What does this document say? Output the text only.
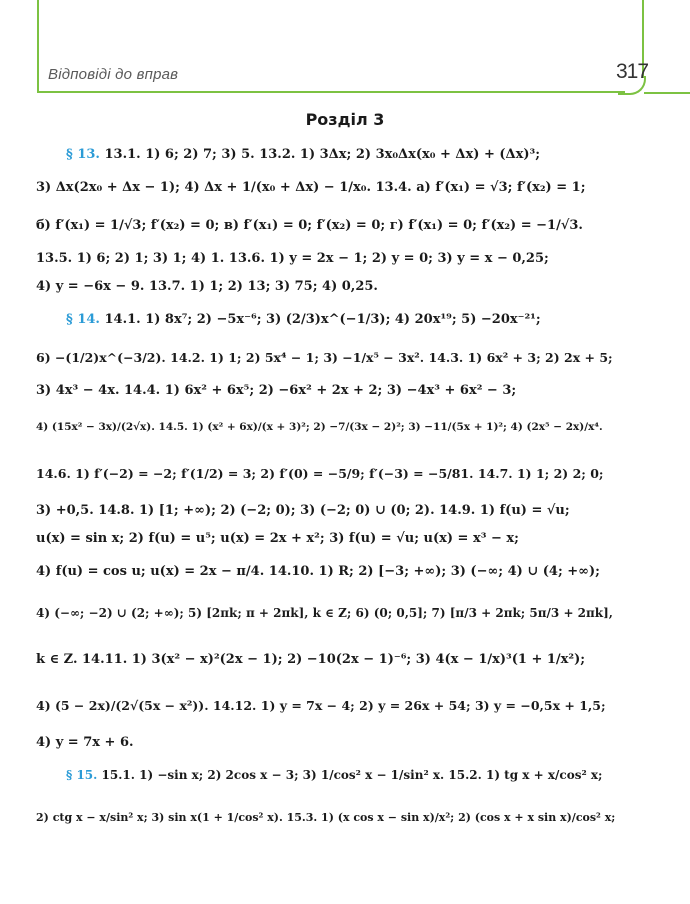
Відповіді до вправ	317
Розділ 3
§ 13.
13.1. 1) 6; 2) 7; 3) 5. 13.2. 1) 3Δx; 2) 3x₀Δx(x₀ + Δx) + (Δx)³;
3) Δx(2x₀ + Δx − 1); 4) Δx + 1/(x₀ + Δx) − 1/x₀. 13.4. а) f′(x₁) = √3; f′(x₂) = 1;
б) f′(x₁) = 1/√3; f′(x₂) = 0; в) f′(x₁) = 0; f′(x₂) = 0; г) f′(x₁) = 0; f′(x₂) = −1/√3.
13.5. 1) 6; 2) 1; 3) 1; 4) 1. 13.6. 1) y = 2x − 1; 2) y = 0; 3) y = x − 0,25;
4) y = −6x − 9. 13.7. 1) 1; 2) 13; 3) 75; 4) 0,25.
§ 14.
14.1. 1) 8x⁷; 2) −5x⁻⁶; 3) (2/3)x^(−1/3); 4) 20x¹⁹; 5) −20x⁻²¹;
6) −(1/2)x^(−3/2). 14.2. 1) 1; 2) 5x⁴ − 1; 3) −1/x⁵ − 3x². 14.3. 1) 6x² + 3; 2) 2x + 5;
3) 4x³ − 4x. 14.4. 1) 6x² + 6x⁵; 2) −6x² + 2x + 2; 3) −4x³ + 6x² − 3;
4) (15x² − 3x)/(2√x). 14.5. 1) (x² + 6x)/(x + 3)²; 2) −7/(3x − 2)²; 3) −11/(5x + 1)²; 4) (2x⁵ − 2x)/x⁴.
14.6. 1) f′(−2) = −2; f′(1/2) = 3; 2) f′(0) = −5/9; f′(−3) = −5/81. 14.7. 1) 1; 2) 2; 0;
3) +0,5. 14.8. 1) [1; +∞); 2) (−2; 0); 3) (−2; 0) ∪ (0; 2). 14.9. 1) f(u) = √u;
u(x) = sin x; 2) f(u) = u⁵; u(x) = 2x + x²; 3) f(u) = √u; u(x) = x³ − x;
4) f(u) = cos u; u(x) = 2x − π/4. 14.10. 1) R; 2) [−3; +∞); 3) (−∞; 4) ∪ (4; +∞);
4) (−∞; −2) ∪ (2; +∞); 5) [2πk; π + 2πk], k ∈ Z; 6) (0; 0,5]; 7) [π/3 + 2πk; 5π/3 + 2πk],
k ∈ Z. 14.11. 1) 3(x² − x)²(2x − 1); 2) −10(2x − 1)⁻⁶; 3) 4(x − 1/x)³(1 + 1/x²);
4) (5 − 2x)/(2√(5x − x²)). 14.12. 1) y = 7x − 4; 2) y = 26x + 54; 3) y = −0,5x + 1,5;
4) y = 7x + 6.
§ 15.
15.1. 1) −sin x; 2) 2cos x − 3; 3) 1/cos² x − 1/sin² x. 15.2. 1) tg x + x/cos² x;
2) ctg x − x/sin² x; 3) sin x(1 + 1/cos² x). 15.3. 1) (x cos x − sin x)/x²; 2) (cos x + x sin x)/cos² x;
